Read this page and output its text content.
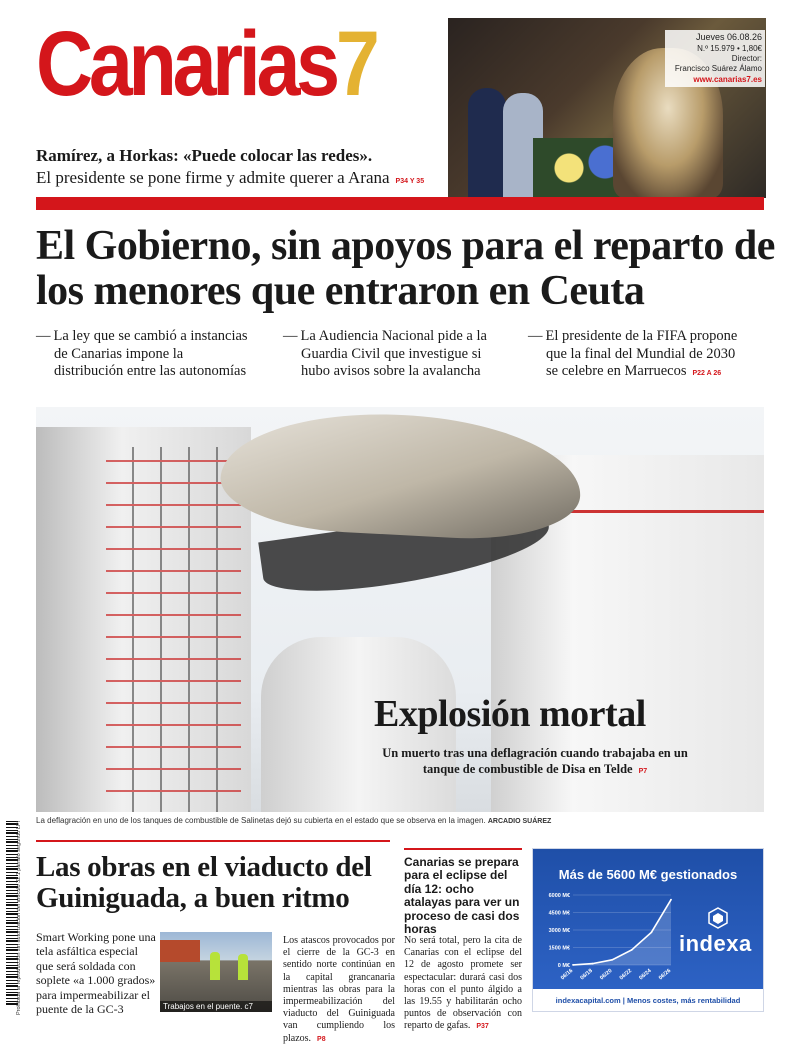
Canarias7	Jueves 06.08.26
N.º 15.979 • 1,80€
Director:
Francisco Suárez Álamo
www.canarias7.es
Ramírez, a Horkas: «Puede colocar las redes».
El presidente se pone firme y admite querer a Arana P34 Y 35
El Gobierno, sin apoyos para el reparto de los menores que entraron en Ceuta
— La ley que se cambió a instancias
de Canarias impone la
distribución entre las autonomías
— La Audiencia Nacional pide a la
Guardia Civil que investigue si
hubo avisos sobre la avalancha
— El presidente de la FIFA propone
que la final del Mundial de 2030
se celebre en Marruecos P22 A 26
Explosión mortal
Un muerto tras una deflagración cuando trabajaba en un
tanque de combustible de Disa en Telde P7
La deflagración en uno de los tanques de combustible de Salinetas dejó su cubierta en el estado que se observa en la imagen. ARCADIO SUÁREZ
Prohibida la reproducción sin autorización del artículo 32.1 párrafo segundo LPI Las obras en el viaducto del Guiniguada, a buen ritmo
Smart Working pone una tela asfáltica especial que será soldada con soplete «a 1.000 grados» para impermeabilizar el puente de la GC-3	Trabajos en el puente. c7
Los atascos provocados por el cierre de la GC-3 en sentido norte continúan en la capital grancanaria mientras las obras para la impermeabilización del viaducto del Guiniguada van cumpliendo los plazos. P8
Canarias se prepara para el eclipse del día 12: ocho atalayas para ver un proceso de casi dos horas
No será total, pero la cita de Canarias con el eclipse del 12 de agosto promete ser espectacular: durará casi dos horas con el punto álgido a las 19.55 y habilitarán ocho puntos de observación con reparto de gafas. P37
Más de 5600 M€ gestionados
0 M€
1500 M€
3000 M€
4500 M€
6000 M€
06/16 06/18 06/20 06/22 06/24 06/26
indexa
indexacapital.com | Menos costes, más rentabilidad
